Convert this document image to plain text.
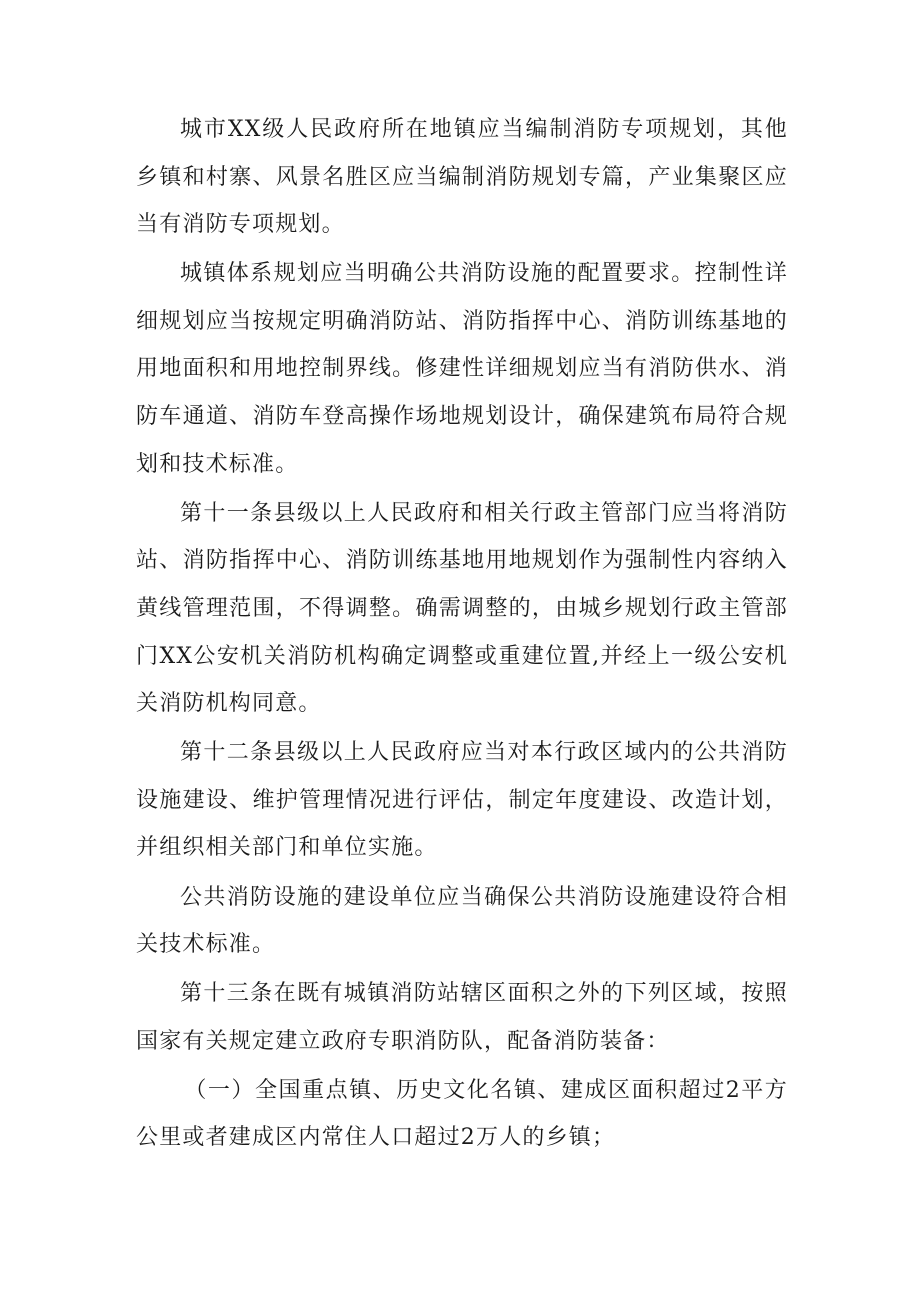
城市XX级人民政府所在地镇应当编制消防专项规划，其他乡镇和村寨、风景名胜区应当编制消防规划专篇，产业集聚区应当有消防专项规划。

城镇体系规划应当明确公共消防设施的配置要求。控制性详细规划应当按规定明确消防站、消防指挥中心、消防训练基地的用地面积和用地控制界线。修建性详细规划应当有消防供水、消防车通道、消防车登高操作场地规划设计，确保建筑布局符合规划和技术标准。

第十一条县级以上人民政府和相关行政主管部门应当将消防站、消防指挥中心、消防训练基地用地规划作为强制性内容纳入黄线管理范围，不得调整。确需调整的，由城乡规划行政主管部门XX公安机关消防机构确定调整或重建位置,并经上一级公安机关消防机构同意。

第十二条县级以上人民政府应当对本行政区域内的公共消防设施建设、维护管理情况进行评估，制定年度建设、改造计划，并组织相关部门和单位实施。

公共消防设施的建设单位应当确保公共消防设施建设符合相关技术标准。

第十三条在既有城镇消防站辖区面积之外的下列区域，按照国家有关规定建立政府专职消防队，配备消防装备：

（一）全国重点镇、历史文化名镇、建成区面积超过2平方公里或者建成区内常住人口超过2万人的乡镇；
